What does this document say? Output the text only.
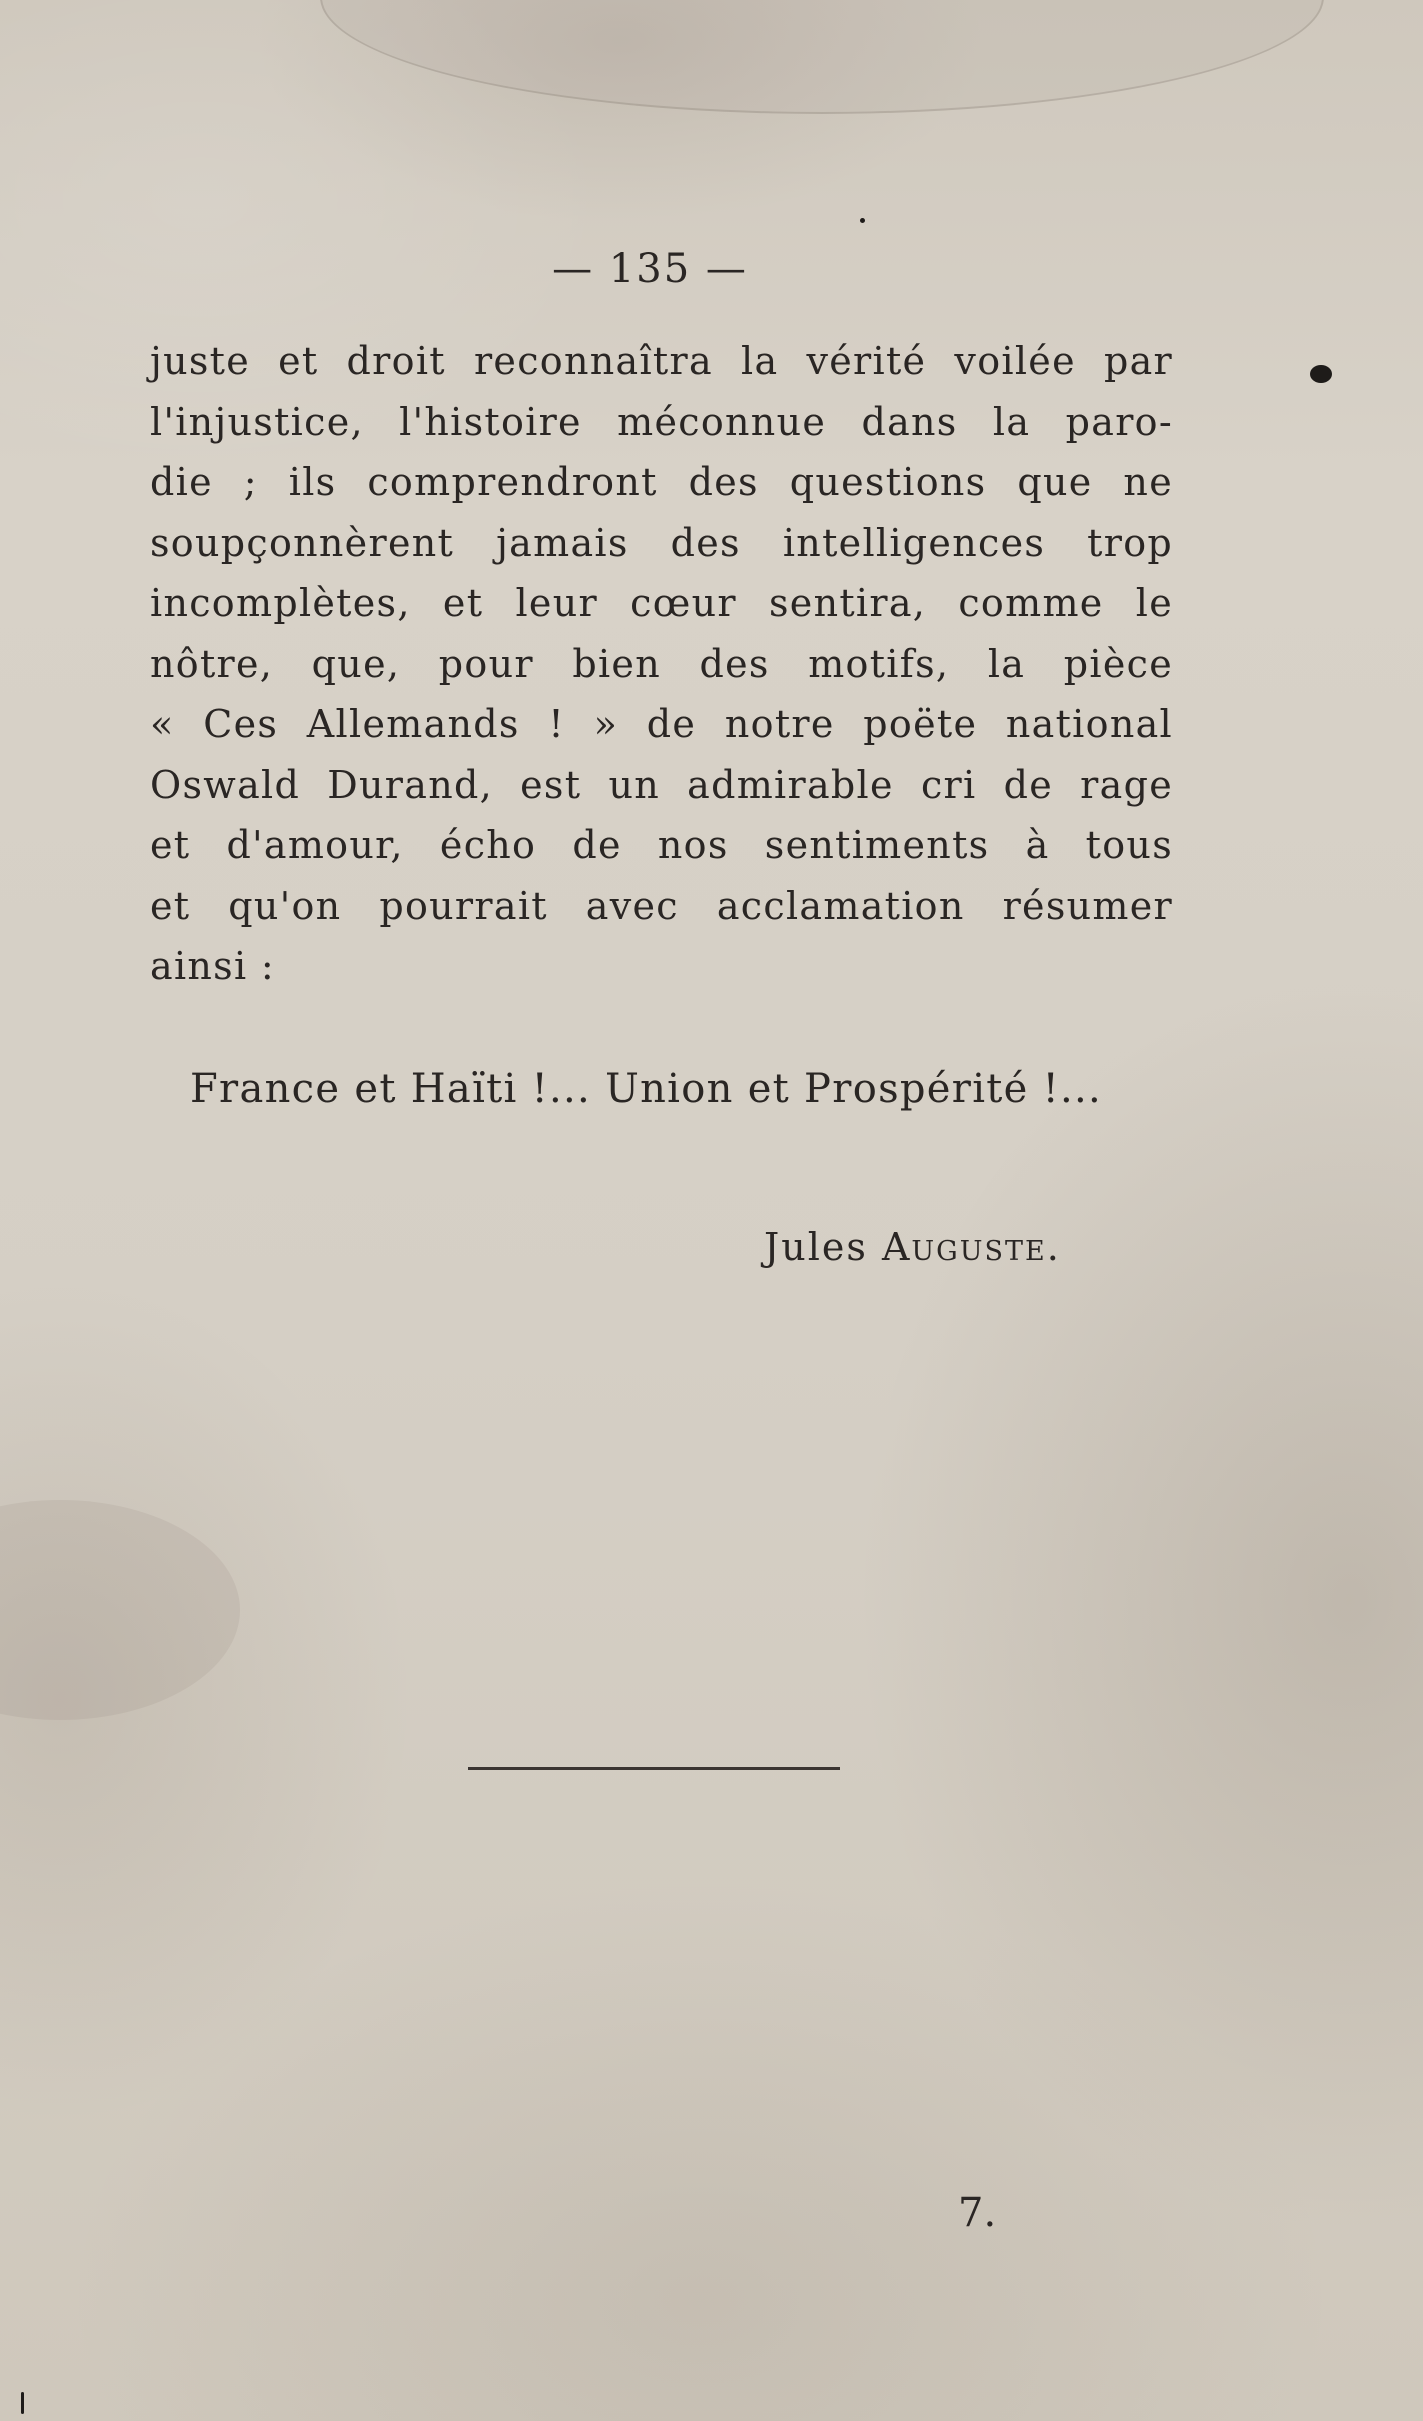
— 135 —
juste et droit reconnaîtra la vérité voilée par
l'injustice, l'histoire méconnue dans la paro-
die ; ils comprendront des questions que ne
soupçonnèrent jamais des intelligences trop
incomplètes, et leur cœur sentira, comme le
nôtre, que, pour bien des motifs, la pièce
« Ces Allemands ! » de notre poëte national
Oswald Durand, est un admirable cri de rage
et d'amour, écho de nos sentiments à tous
et qu'on pourrait avec acclamation résumer
ainsi :
France et Haïti !... Union et Prospérité !...
Jules Auguste.
7.
